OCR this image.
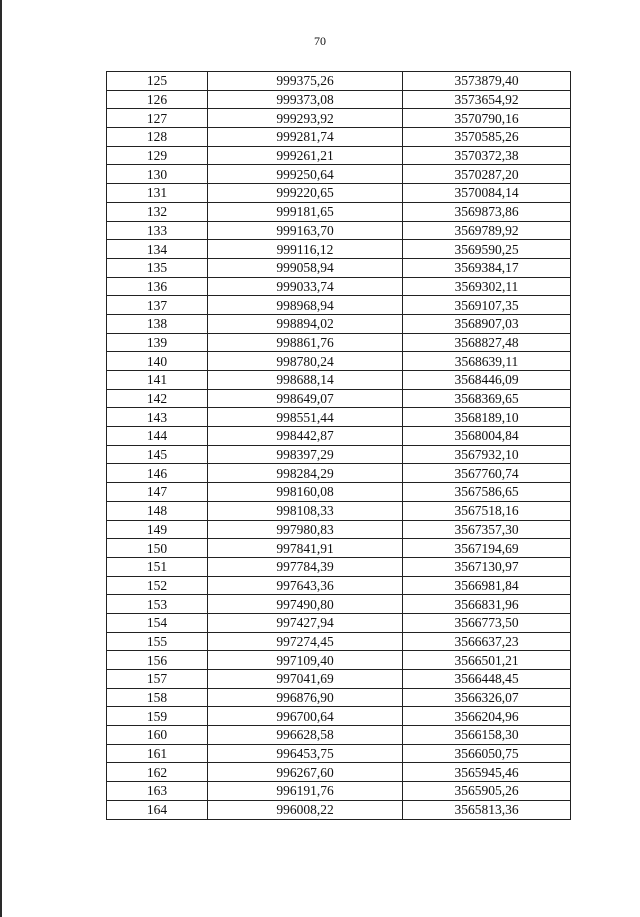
70
125	999375,26	3573879,40
126	999373,08	3573654,92
127	999293,92	3570790,16
128	999281,74	3570585,26
129	999261,21	3570372,38
130	999250,64	3570287,20
131	999220,65	3570084,14
132	999181,65	3569873,86
133	999163,70	3569789,92
134	999116,12	3569590,25
135	999058,94	3569384,17
136	999033,74	3569302,11
137	998968,94	3569107,35
138	998894,02	3568907,03
139	998861,76	3568827,48
140	998780,24	3568639,11
141	998688,14	3568446,09
142	998649,07	3568369,65
143	998551,44	3568189,10
144	998442,87	3568004,84
145	998397,29	3567932,10
146	998284,29	3567760,74
147	998160,08	3567586,65
148	998108,33	3567518,16
149	997980,83	3567357,30
150	997841,91	3567194,69
151	997784,39	3567130,97
152	997643,36	3566981,84
153	997490,80	3566831,96
154	997427,94	3566773,50
155	997274,45	3566637,23
156	997109,40	3566501,21
157	997041,69	3566448,45
158	996876,90	3566326,07
159	996700,64	3566204,96
160	996628,58	3566158,30
161	996453,75	3566050,75
162	996267,60	3565945,46
163	996191,76	3565905,26
164	996008,22	3565813,36
